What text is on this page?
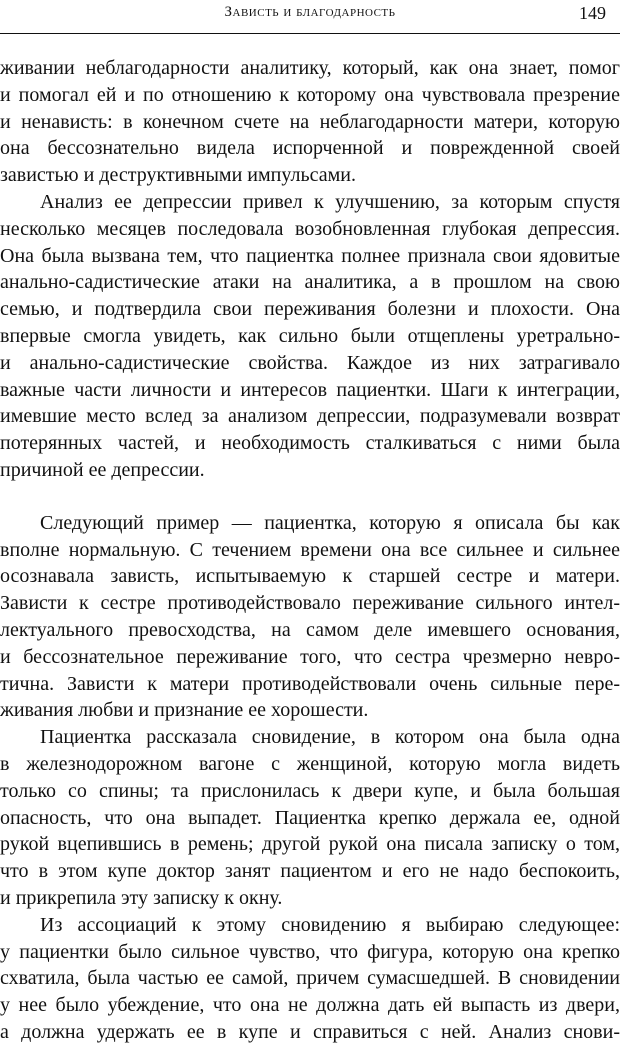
Зависть и благодарность	149
живании неблагодарности аналитику, который, как она знает, помог
и помогал ей и по отношению к которому она чувствовала презрение
и ненависть: в конечном счете на неблагодарности матери, которую
она бессознательно видела испорченной и поврежденной своей
завистью и деструктивными импульсами.
Анализ ее депрессии привел к улучшению, за которым спустя
несколько месяцев последовала возобновленная глубокая депрессия.
Она была вызвана тем, что пациентка полнее признала свои ядовитые
анально-садистические атаки на аналитика, а в прошлом на свою
семью, и подтвердила свои переживания болезни и плохости. Она
впервые смогла увидеть, как сильно были отщеплены уретрально-
и анально-садистические свойства. Каждое из них затрагивало
важные части личности и интересов пациентки. Шаги к интеграции,
имевшие место вслед за анализом депрессии, подразумевали возврат
потерянных частей, и необходимость сталкиваться с ними была
причиной ее депрессии.
Следующий пример — пациентка, которую я описала бы как
вполне нормальную. С течением времени она все сильнее и сильнее
осознавала зависть, испытываемую к старшей сестре и матери.
Зависти к сестре противодействовало переживание сильного интел-
лектуального превосходства, на самом деле имевшего основания,
и бессознательное переживание того, что сестра чрезмерно невро-
тична. Зависти к матери противодействовали очень сильные пере-
живания любви и признание ее хорошести.
Пациентка рассказала сновидение, в котором она была одна
в железнодорожном вагоне с женщиной, которую могла видеть
только со спины; та прислонилась к двери купе, и была большая
опасность, что она выпадет. Пациентка крепко держала ее, одной
рукой вцепившись в ремень; другой рукой она писала записку о том,
что в этом купе доктор занят пациентом и его не надо беспокоить,
и прикрепила эту записку к окну.
Из ассоциаций к этому сновидению я выбираю следующее:
у пациентки было сильное чувство, что фигура, которую она крепко
схватила, была частью ее самой, причем сумасшедшей. В сновидении
у нее было убеждение, что она не должна дать ей выпасть из двери,
а должна удержать ее в купе и справиться с ней. Анализ снови-
